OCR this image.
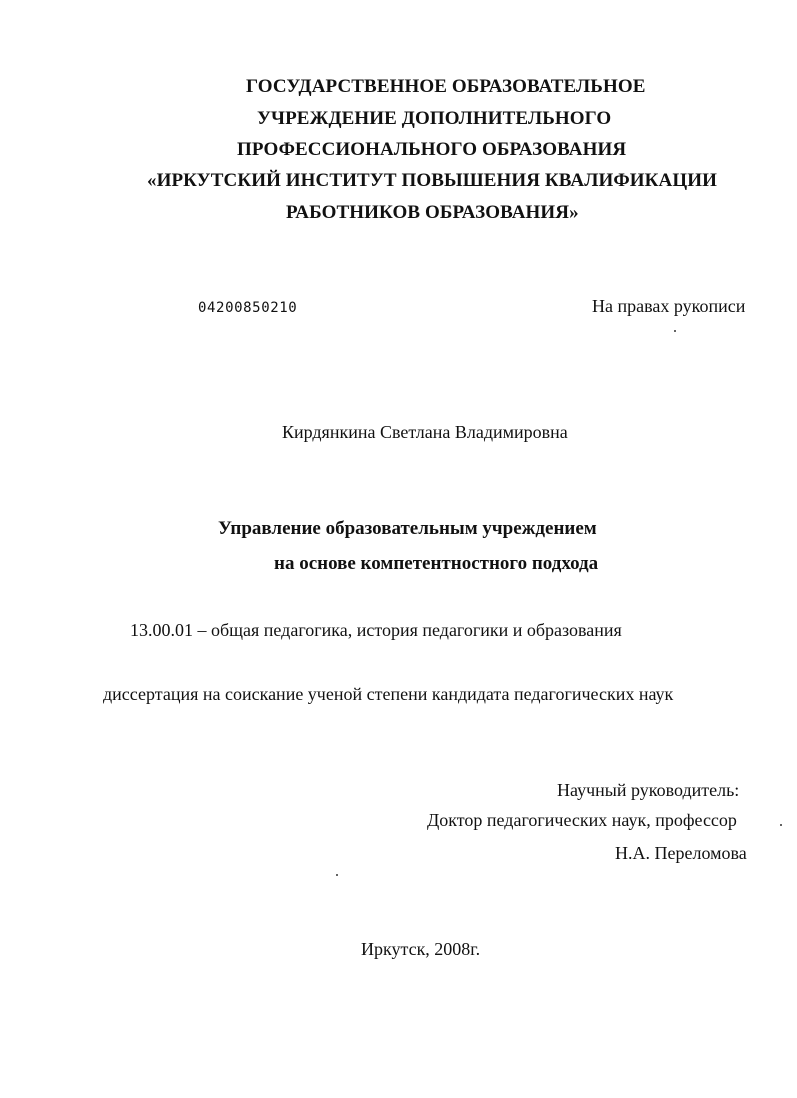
ГОСУДАРСТВЕННОЕ ОБРАЗОВАТЕЛЬНОЕ
УЧРЕЖДЕНИЕ ДОПОЛНИТЕЛЬНОГО
ПРОФЕССИОНАЛЬНОГО ОБРАЗОВАНИЯ
«ИРКУТСКИЙ ИНСТИТУТ ПОВЫШЕНИЯ КВАЛИФИКАЦИИ
РАБОТНИКОВ ОБРАЗОВАНИЯ»
04200850210	На правах рукописи
Кирдянкина Светлана Владимировна
Управление образовательным учреждением
на основе компетентностного подхода
13.00.01 – общая педагогика, история педагогики и образования
диссертация на соискание ученой степени кандидата педагогических наук
Научный руководитель:
Доктор педагогических наук, профессор
Н.А. Переломова
Иркутск, 2008г.
